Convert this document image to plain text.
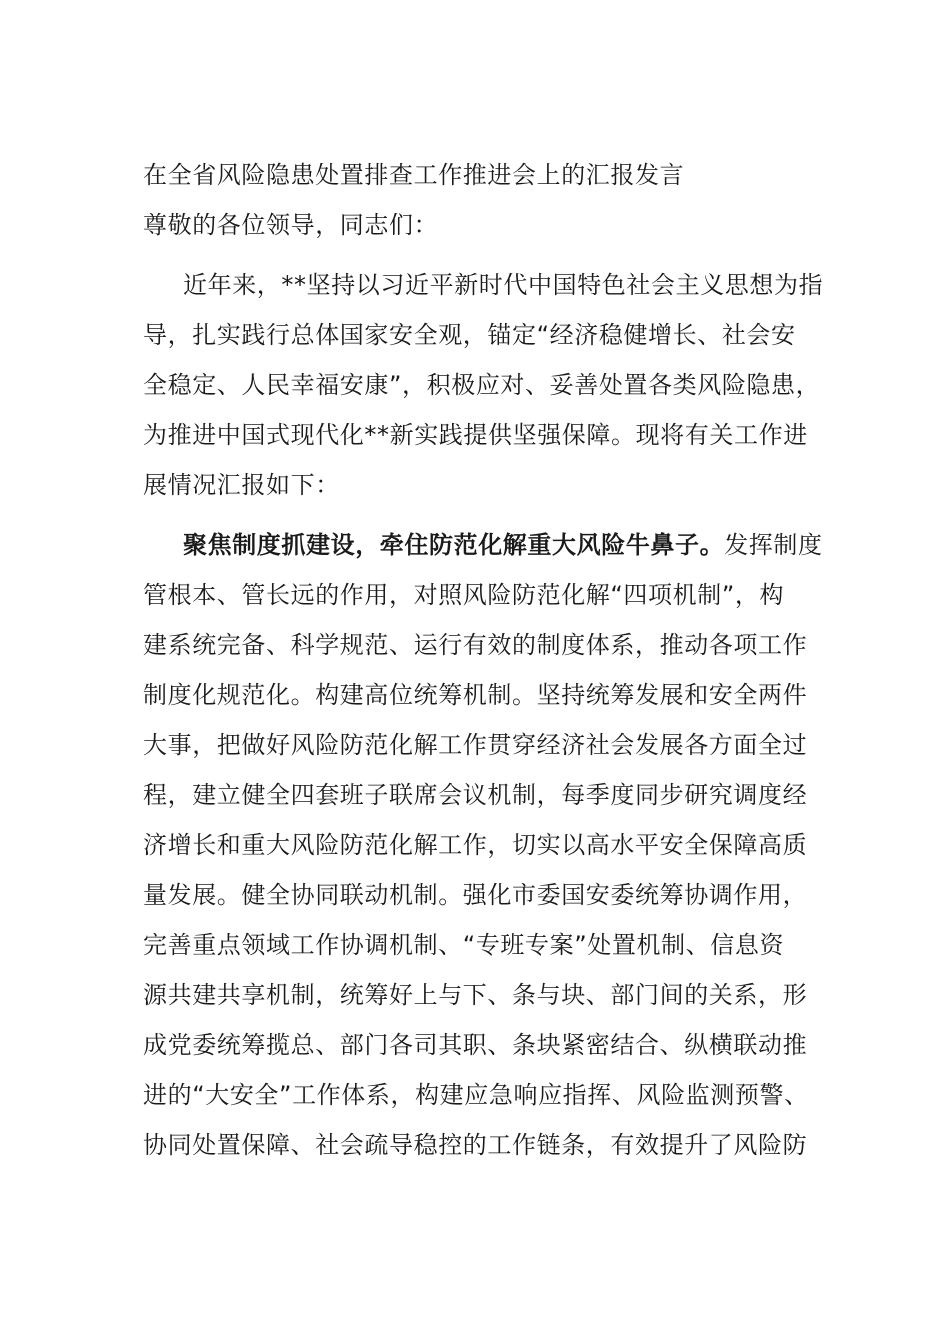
在全省风险隐患处置排查工作推进会上的汇报发言
尊敬的各位领导，同志们：
近年来，**坚持以习近平新时代中国特色社会主义思想为指
导，扎实践行总体国家安全观，锚定“经济稳健增长、社会安
全稳定、人民幸福安康”，积极应对、妥善处置各类风险隐患，
为推进中国式现代化**新实践提供坚强保障。现将有关工作进
展情况汇报如下：
聚焦制度抓建设，牵住防范化解重大风险牛鼻子。发挥制度
管根本、管长远的作用，对照风险防范化解“四项机制”，构
建系统完备、科学规范、运行有效的制度体系，推动各项工作
制度化规范化。构建高位统筹机制。坚持统筹发展和安全两件
大事，把做好风险防范化解工作贯穿经济社会发展各方面全过
程，建立健全四套班子联席会议机制，每季度同步研究调度经
济增长和重大风险防范化解工作，切实以高水平安全保障高质
量发展。健全协同联动机制。强化市委国安委统筹协调作用，
完善重点领域工作协调机制、“专班专案”处置机制、信息资
源共建共享机制，统筹好上与下、条与块、部门间的关系，形
成党委统筹揽总、部门各司其职、条块紧密结合、纵横联动推
进的“大安全”工作体系，构建应急响应指挥、风险监测预警、
协同处置保障、社会疏导稳控的工作链条，有效提升了风险防
